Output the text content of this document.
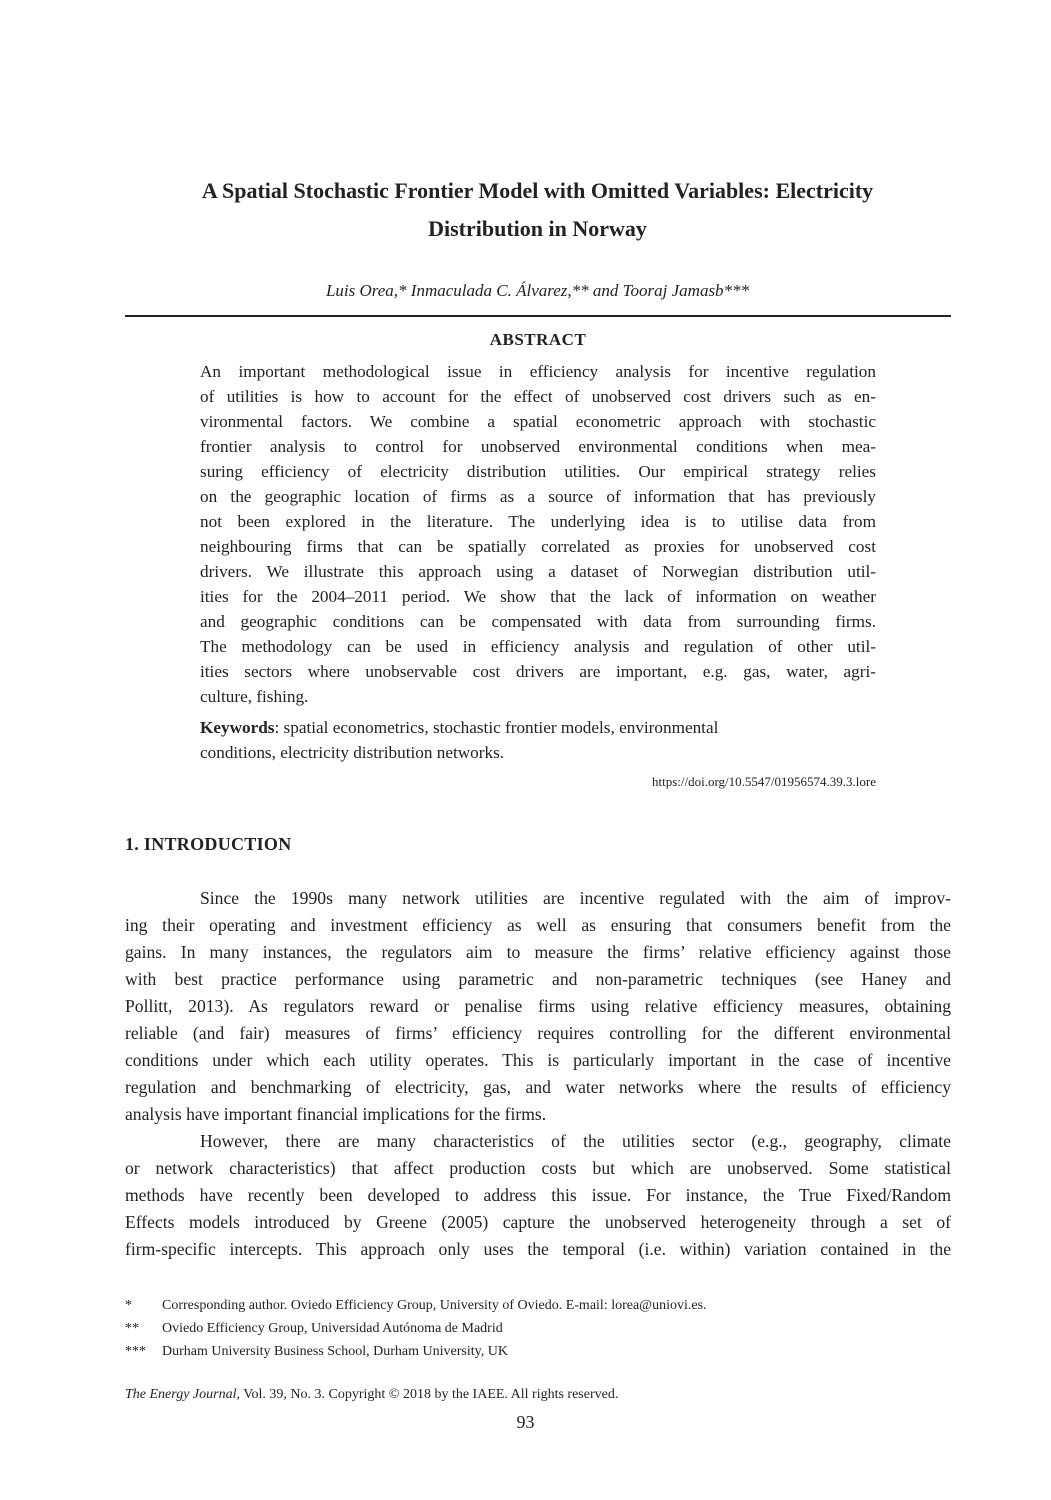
A Spatial Stochastic Frontier Model with Omitted Variables: Electricity
Distribution in Norway
Luis Orea,* Inmaculada C. Álvarez,** and Tooraj Jamasb***
ABSTRACT
An important methodological issue in efficiency analysis for incentive regulation
of utilities is how to account for the effect of unobserved cost drivers such as en-
vironmental factors. We combine a spatial econometric approach with stochastic
frontier analysis to control for unobserved environmental conditions when mea-
suring efficiency of electricity distribution utilities. Our empirical strategy relies
on the geographic location of firms as a source of information that has previously
not been explored in the literature. The underlying idea is to utilise data from
neighbouring firms that can be spatially correlated as proxies for unobserved cost
drivers. We illustrate this approach using a dataset of Norwegian distribution util-
ities for the 2004–2011 period. We show that the lack of information on weather
and geographic conditions can be compensated with data from surrounding firms.
The methodology can be used in efficiency analysis and regulation of other util-
ities sectors where unobservable cost drivers are important, e.g. gas, water, agri-
culture, fishing.
Keywords: spatial econometrics, stochastic frontier models, environmental
conditions, electricity distribution networks.
https://doi.org/10.5547/01956574.39.3.lore
1. INTRODUCTION
Since the 1990s many network utilities are incentive regulated with the aim of improv-
ing their operating and investment efficiency as well as ensuring that consumers benefit from the
gains. In many instances, the regulators aim to measure the firms’ relative efficiency against those
with best practice performance using parametric and non-parametric techniques (see Haney and
Pollitt, 2013). As regulators reward or penalise firms using relative efficiency measures, obtaining
reliable (and fair) measures of firms’ efficiency requires controlling for the different environmental
conditions under which each utility operates. This is particularly important in the case of incentive
regulation and benchmarking of electricity, gas, and water networks where the results of efficiency
analysis have important financial implications for the firms.
However, there are many characteristics of the utilities sector (e.g., geography, climate
or network characteristics) that affect production costs but which are unobserved. Some statistical
methods have recently been developed to address this issue. For instance, the True Fixed/Random
Effects models introduced by Greene (2005) capture the unobserved heterogeneity through a set of
firm-specific intercepts. This approach only uses the temporal (i.e. within) variation contained in the
*	Corresponding author. Oviedo Efficiency Group, University of Oviedo. E-mail: lorea@uniovi.es.
**	Oviedo Efficiency Group, Universidad Autónoma de Madrid
***	Durham University Business School, Durham University, UK
The Energy Journal, Vol. 39, No. 3. Copyright © 2018 by the IAEE. All rights reserved.
93
